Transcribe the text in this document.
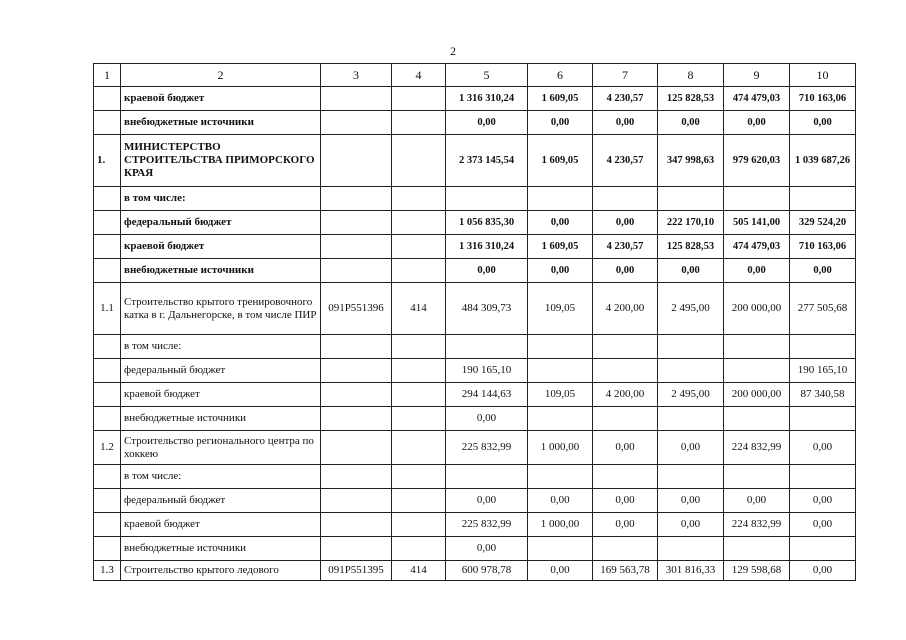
2
1	2	3	4	5	6	7	8	9	10
	краевой бюджет			1 316 310,24	1 609,05	4 230,57	125 828,53	474 479,03	710 163,06
	внебюджетные источники			0,00	0,00	0,00	0,00	0,00	0,00
1.	МИНИСТЕРСТВО СТРОИТЕЛЬСТВА ПРИМОРСКОГО КРАЯ			2 373 145,54	1 609,05	4 230,57	347 998,63	979 620,03	1 039 687,26
	в том числе:								
	федеральный бюджет			1 056 835,30	0,00	0,00	222 170,10	505 141,00	329 524,20
	краевой бюджет			1 316 310,24	1 609,05	4 230,57	125 828,53	474 479,03	710 163,06
	внебюджетные источники			0,00	0,00	0,00	0,00	0,00	0,00
1.1	Строительство крытого тренировочного катка в г. Дальнегорске, в том числе ПИР	091P551396	414	484 309,73	109,05	4 200,00	2 495,00	200 000,00	277 505,68
	в том числе:								
	федеральный бюджет			190 165,10					190 165,10
	краевой бюджет			294 144,63	109,05	4 200,00	2 495,00	200 000,00	87 340,58
	внебюджетные источники			0,00					
1.2	Строительство регионального центра по хоккею			225 832,99	1 000,00	0,00	0,00	224 832,99	0,00
	в том числе:								
	федеральный бюджет			0,00	0,00	0,00	0,00	0,00	0,00
	краевой бюджет			225 832,99	1 000,00	0,00	0,00	224 832,99	0,00
	внебюджетные источники			0,00					
1.3	Строительство крытого ледового	091P551395	414	600 978,78	0,00	169 563,78	301 816,33	129 598,68	0,00
